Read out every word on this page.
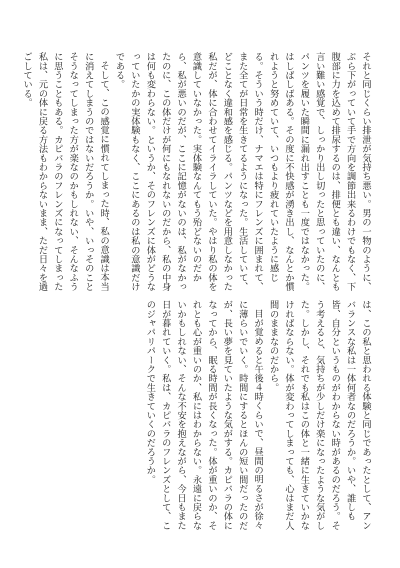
それと同じくらい排泄が気持ち悪い。男の一物のように、ぶら下がっていて手で方向を調節出来るわけでもなく、下腹部に力を込めて排尿するのは、排便とも違い、なんとも言い難い感覚で、しっかり出し切ったと思っていたのに、パンツを履いた瞬間に漏れ出すことも一度ではなかった。はしばしばある。その度に不快感が湧き出し、なんとか慣れようと努めていて、いつもより疲れていたように感じる。そういう時だけ、ナマエは特にフレンズに囲まれて、また全てが日常を生きてるようになった。生活していて、どことなく違和感を感じる。パンツなどを用意しなかった私だが、体に合わせてイライラしていた。やはり私の体を意識していなかった。実体験なんてもう殆どないのだから、私が悪いのだが、ここに記憶がないのは、私がなかったのに、この体だけが何にもなれないのだから、私の中身は何も変わらない。というか、そのフレンズに体がどうなっていたかの実体験もなく、ここにあるのは私の意識だけである。

そして、この感覚に慣れてしまった時、私の意識は本当に消えてしまうのではないだろうか。いや、いっそのことそうなってしまった方が楽なのかもしれない、そんなふうに思うこともある。カピバラのフレンズになってしまった私は、元の体に戻る方法もわからないまま、ただ日々を過ごしている。

は、この私と思われる体験と同じであったとして、アンバランスな私は一体何者なのだろうか。いや、誰しも皆、自分というものがわからない時があるのだろう。そう考えると、気持ちが少しだけ楽になったような気がした。しかし、それでも私はこの体と一緒に生きていかなければならない。体が変わってしまっても、心はまだ人間のままなのだから。

目が覚めると午後４時くらいで、昼間の明るさが徐々に薄らいでいく。時間にするとほんの短い間だったのだが、長い夢を見ていたような気がする。カピバラの体になってから、眠る時間が長くなった。体が重いのか、それとも心が重いのか、私にはわからない。永遠に戻らないかもしれない、そんな不安を抱えながら、今日もまた日が暮れていく。私は、カピバラのフレンズとして、このジャパリパークで生きていくのだろうか。
